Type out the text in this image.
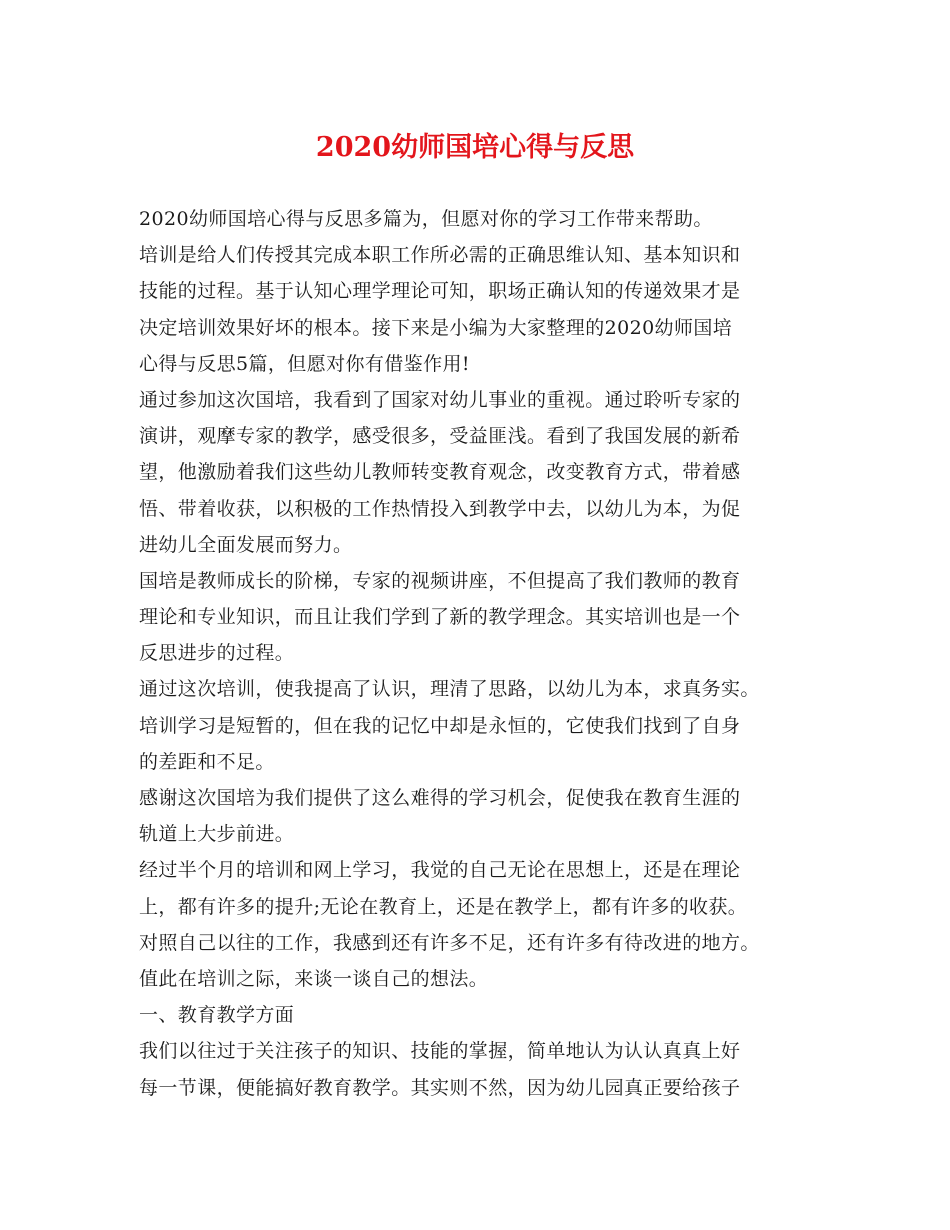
2020幼师国培心得与反思
2020幼师国培心得与反思多篇为，但愿对你的学习工作带来帮助。
培训是给人们传授其完成本职工作所必需的正确思维认知、基本知识和
技能的过程。基于认知心理学理论可知，职场正确认知的传递效果才是
决定培训效果好坏的根本。接下来是小编为大家整理的2020幼师国培
心得与反思5篇，但愿对你有借鉴作用!
通过参加这次国培，我看到了国家对幼儿事业的重视。通过聆听专家的
演讲，观摩专家的教学，感受很多，受益匪浅。看到了我国发展的新希
望，他激励着我们这些幼儿教师转变教育观念，改变教育方式，带着感
悟、带着收获，以积极的工作热情投入到教学中去，以幼儿为本，为促
进幼儿全面发展而努力。
国培是教师成长的阶梯，专家的视频讲座，不但提高了我们教师的教育
理论和专业知识，而且让我们学到了新的教学理念。其实培训也是一个
反思进步的过程。
通过这次培训，使我提高了认识，理清了思路，以幼儿为本，求真务实。
培训学习是短暂的，但在我的记忆中却是永恒的，它使我们找到了自身
的差距和不足。
感谢这次国培为我们提供了这么难得的学习机会，促使我在教育生涯的
轨道上大步前进。
经过半个月的培训和网上学习，我觉的自己无论在思想上，还是在理论
上，都有许多的提升;无论在教育上，还是在教学上，都有许多的收获。
对照自己以往的工作，我感到还有许多不足，还有许多有待改进的地方。
值此在培训之际，来谈一谈自己的想法。
一、教育教学方面
我们以往过于关注孩子的知识、技能的掌握，简单地认为认认真真上好
每一节课，便能搞好教育教学。其实则不然，因为幼儿园真正要给孩子
